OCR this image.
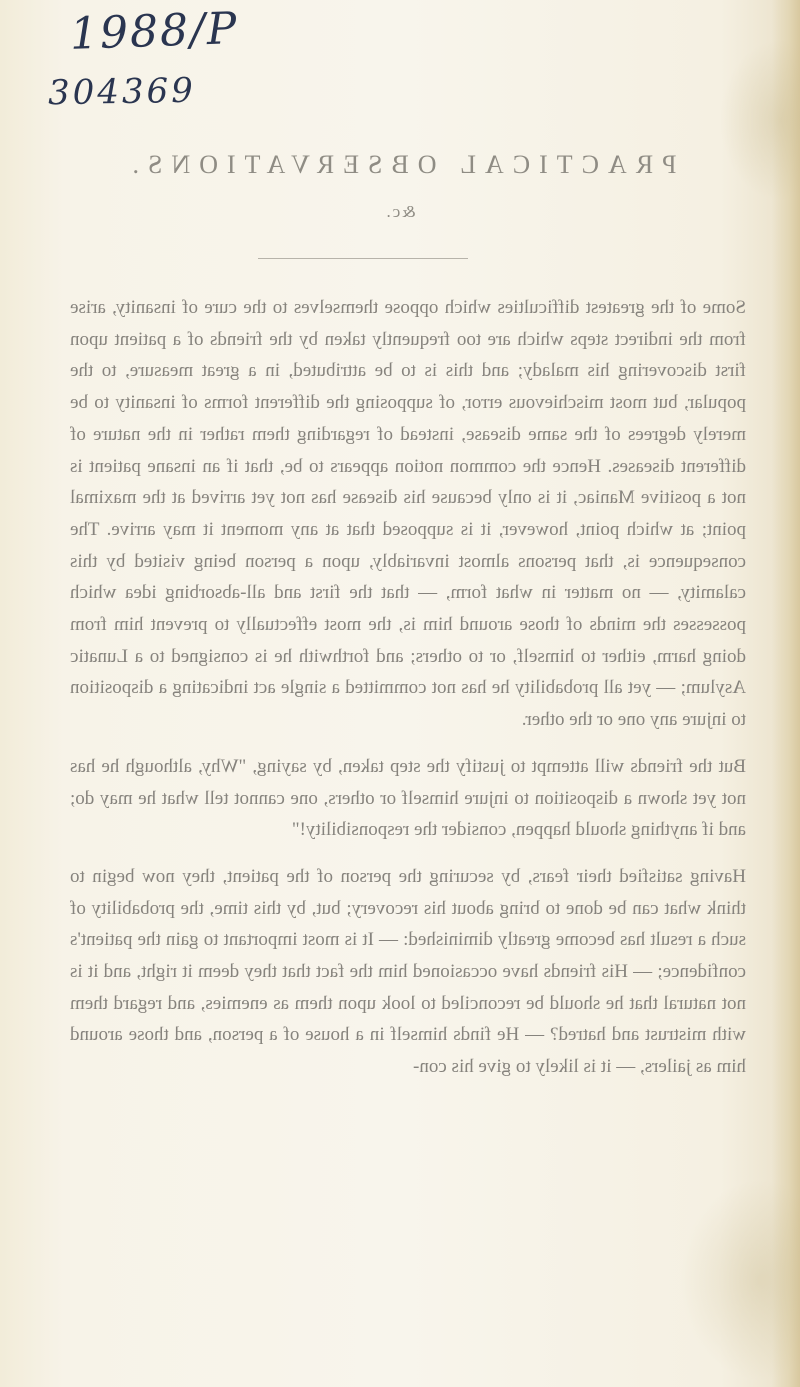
1988/P
304369
PRACTICAL OBSERVATIONS.
&c.

Some of the greatest difficulties which oppose themselves to the cure of insanity, arise from the indirect steps which are too frequently taken by the friends of a patient upon first discovering his malady; and this is to be attributed, in a great measure, to the popular, but most mischievous error, of supposing the different forms of insanity to be merely degrees of the same disease, instead of regarding them rather in the nature of different diseases. Hence the common notion appears to be, that if an insane patient is not a positive Maniac, it is only because his disease has not yet arrived at the maximal point; at which point, however, it is supposed that at any moment it may arrive. The consequence is, that persons almost invariably, upon a person being visited by this calamity, — no matter in what form, — that the first and all-absorbing idea which possesses the minds of those around him is, the most effectually to prevent him from doing harm, either to himself, or to others; and forthwith he is consigned to a Lunatic Asylum; — yet all probability he has not committed a single act indicating a disposition to injure any one or the other.

But the friends will attempt to justify the step taken, by saying, "Why, although he has not yet shown a disposition to injure himself or others, one cannot tell what he may do; and if anything should happen, consider the responsibility!"

Having satisfied their fears, by securing the person of the patient, they now begin to think what can be done to bring about his recovery; but, by this time, the probability of such a result has become greatly diminished: — It is most important to gain the patient's confidence; — His friends have occasioned him the fact that they deem it right, and it is not natural that he should be reconciled to look upon them as enemies, and regard them with mistrust and hatred? — He finds himself in a house of a person, and those around him as jailers, — it is likely to give his con-
